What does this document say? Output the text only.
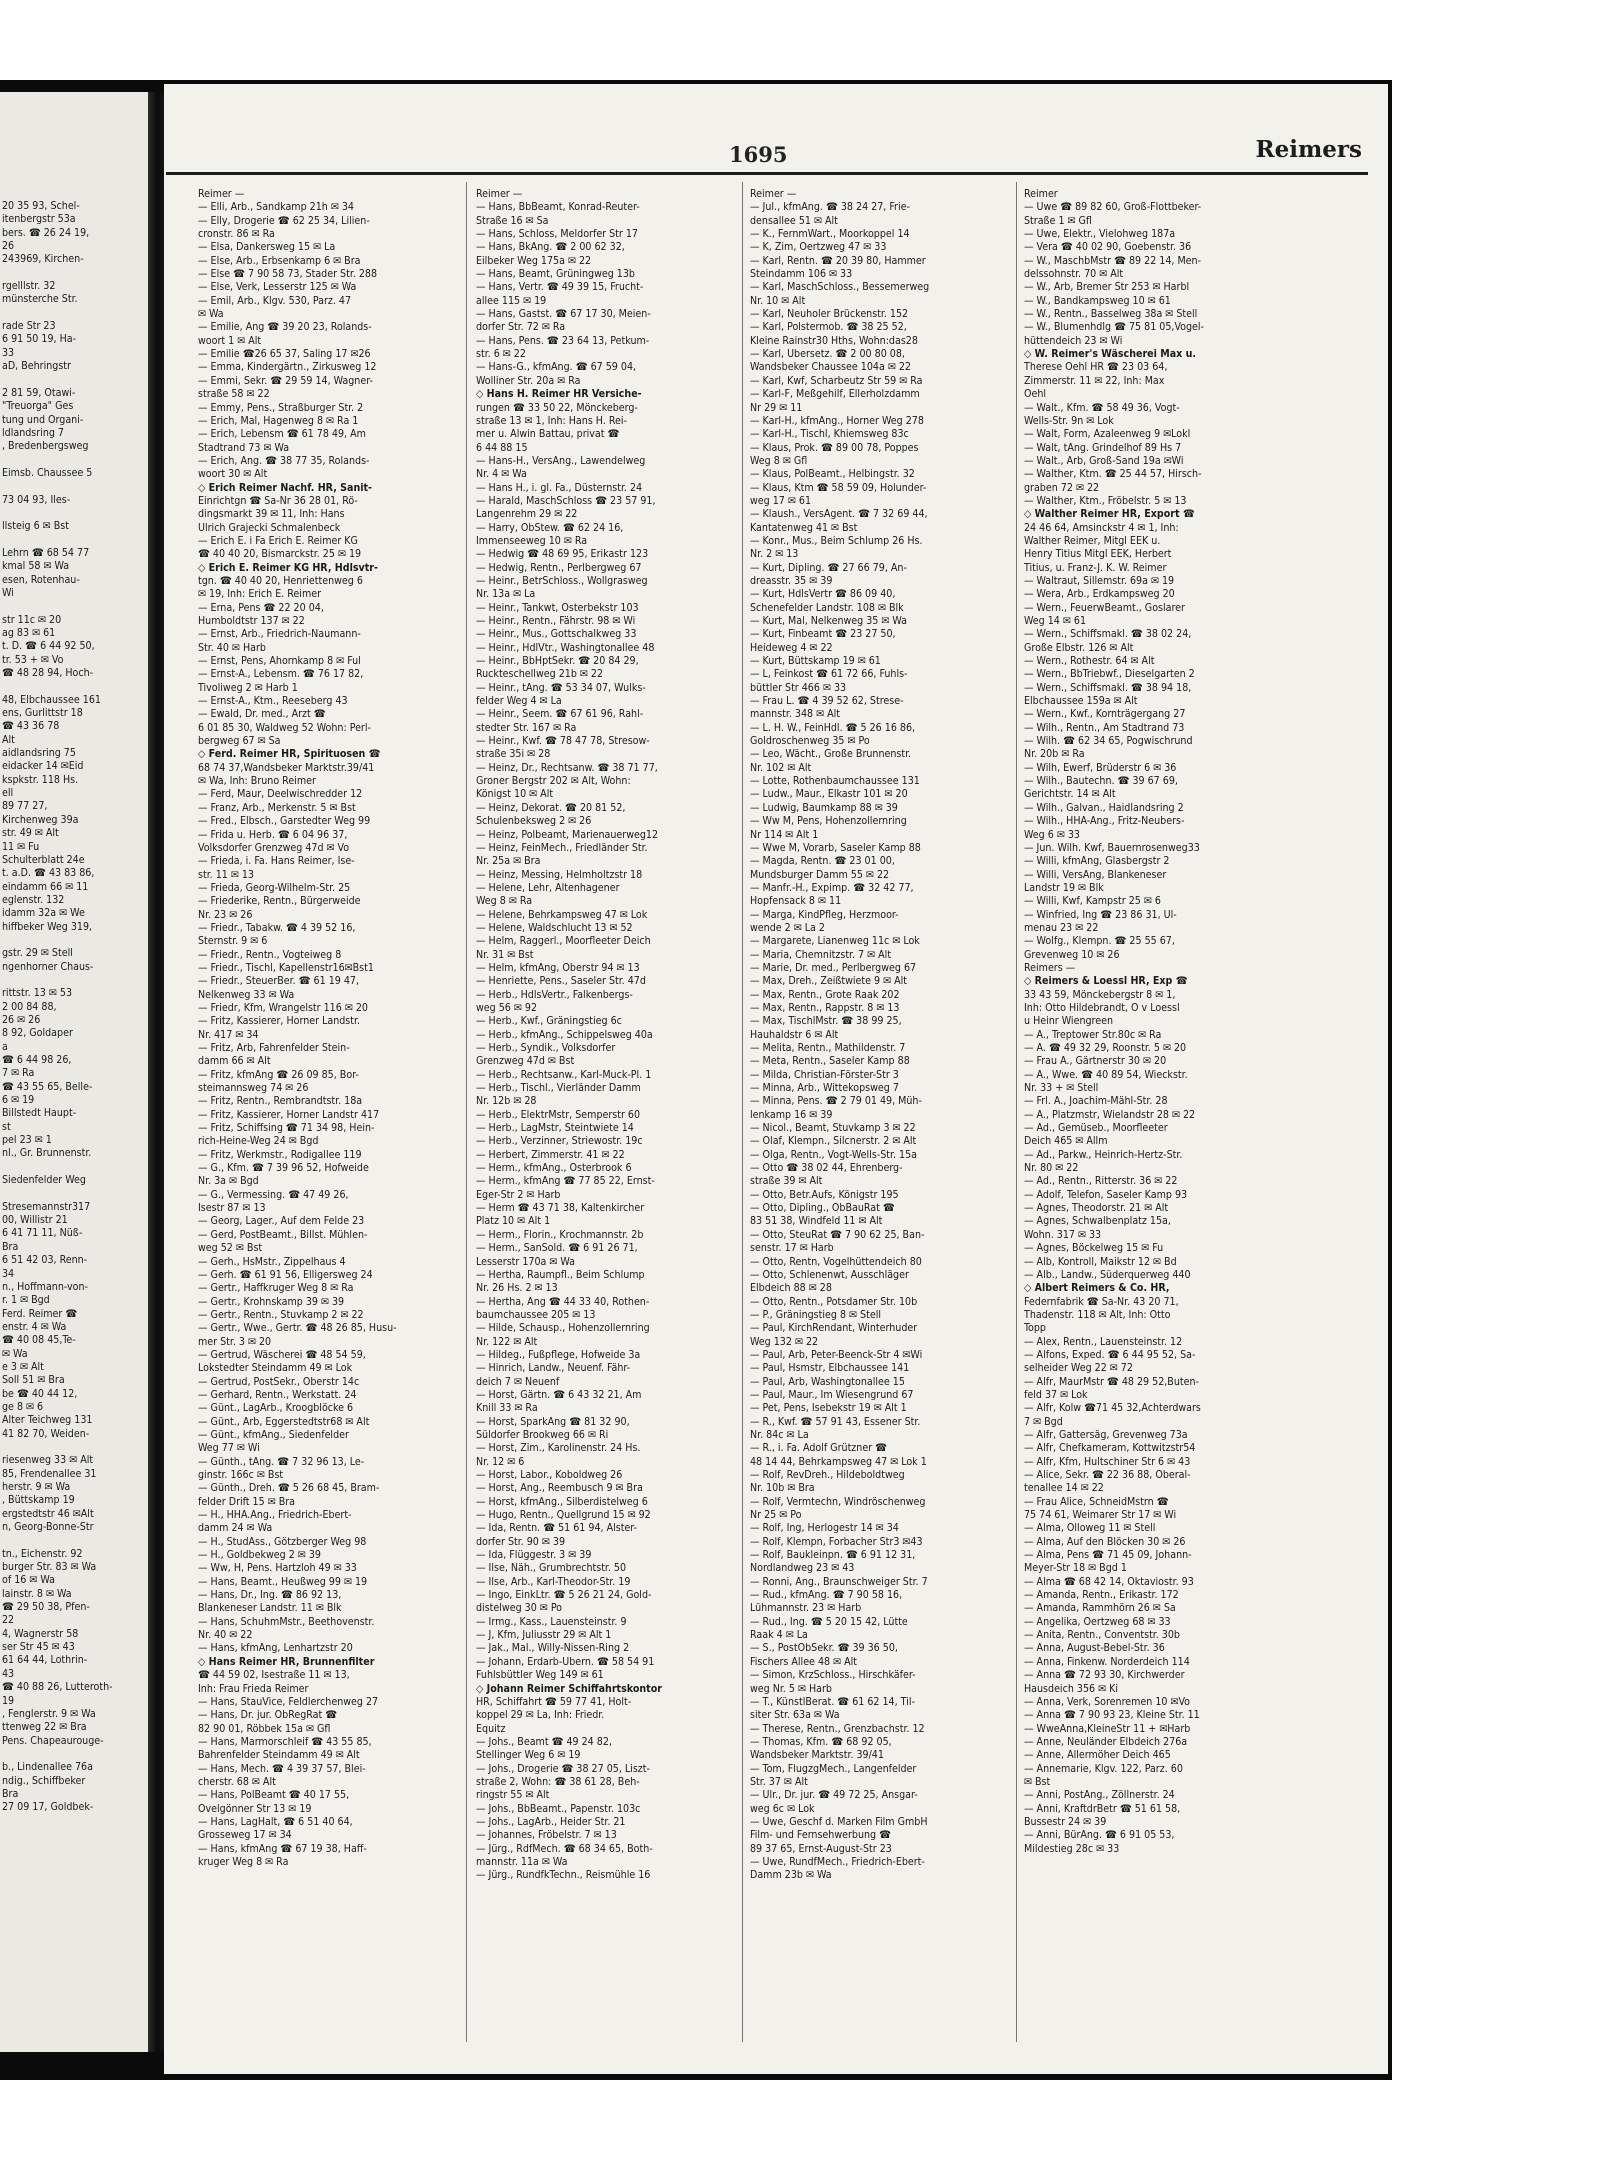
20 35 93, Schel-
itenbergstr 53a
bers. ☎ 26 24 19,
26
243969, Kirchen-

rgelllstr. 32
münsterche Str.

rade Str 23
6 91 50 19, Ha-
33
aD, Behringstr

2 81 59, Otawi-
"Treuorga" Ges
tung und Organi-
ldlandsring 7
, Bredenbergsweg

Eimsb. Chaussee 5

73 04 93, Iles-

llsteig 6 ✉ Bst

Lehrn ☎ 68 54 77
kmal 58 ✉ Wa
esen, Rotenhau-
Wi

str 11c ✉ 20
ag 83 ✉ 61
t. D. ☎ 6 44 92 50,
tr. 53 + ✉ Vo
☎ 48 28 94, Hoch-

48, Elbchaussee 161
ens, Gurlittstr 18
☎ 43 36 78
Alt
aidlandsring 75
eidacker 14 ✉Eid
kspkstr. 118 Hs.
ell
89 77 27,
Kirchenweg 39a
str. 49 ✉ Alt
11 ✉ Fu
Schulterblatt 24e
t. a.D. ☎ 43 83 86,
eindamm 66 ✉ 11
eglenstr. 132
idamm 32a ✉ We
hiffbeker Weg 319,

gstr. 29 ✉ Stell
ngenhorner Chaus-

rittstr. 13 ✉ 53
2 00 84 88,
26 ✉ 26
8 92, Goldaper
a
☎ 6 44 98 26,
7 ✉ Ra
☎ 43 55 65, Belle-
6 ✉ 19
Billstedt Haupt-
st
pel 23 ✉ 1
nl., Gr. Brunnenstr.

Siedenfelder Weg

Stresemannstr317
00, Willistr 21
6 41 71 11, Nüß-
Bra
6 51 42 03, Renn-
34
n., Hoffmann-von-
r. 1 ✉ Bgd
Ferd. Reimer ☎
enstr. 4 ✉ Wa
☎ 40 08 45,Te-
✉ Wa
e 3 ✉ Alt
Soll 51 ✉ Bra
be ☎ 40 44 12,
ge 8 ✉ 6
Alter Teichweg 131
41 82 70, Weiden-

riesenweg 33 ✉ Alt
85, Frendenallee 31
herstr. 9 ✉ Wa
, Büttskamp 19
ergstedtstr 46 ✉Alt
n, Georg-Bonne-Str

tn., Eichenstr. 92
burger Str. 83 ✉ Wa
of 16 ✉ Wa
lainstr. 8 ✉ Wa
☎ 29 50 38, Pfen-
22
4, Wagnerstr 58
ser Str 45 ✉ 43
61 64 44, Lothrin-
43
☎ 40 88 26, Lutteroth-
19
, Fenglerstr. 9 ✉ Wa
ttenweg 22 ✉ Bra
Pens. Chapeaurouge-

b., Lindenallee 76a
ndig., Schiffbeker
Bra
27 09 17, Goldbek-
1695	Reimers
Reimer —
— Elli, Arb., Sandkamp 21h ✉ 34
— Elly, Drogerie ☎ 62 25 34, Lilien-
cronstr. 86 ✉ Ra
— Elsa, Dankersweg 15 ✉ La
— Else, Arb., Erbsenkamp 6 ✉ Bra
— Else ☎ 7 90 58 73, Stader Str. 288
— Else, Verk, Lesserstr 125 ✉ Wa
— Emil, Arb., Klgv. 530, Parz. 47
✉ Wa
— Emilie, Ang ☎ 39 20 23, Rolands-
woort 1 ✉ Alt
— Emilie ☎26 65 37, Saling 17 ✉26
— Emma, Kindergärtn., Zirkusweg 12
— Emmi, Sekr. ☎ 29 59 14, Wagner-
straße 58 ✉ 22
— Emmy, Pens., Straßburger Str. 2
— Erich, Mal, Hagenweg 8 ✉ Ra 1
— Erich, Lebensm ☎ 61 78 49, Am
Stadtrand 73 ✉ Wa
— Erich, Ang. ☎ 38 77 35, Rolands-
woort 30 ✉ Alt
◇ Erich Reimer Nachf. HR, Sanit-
Einrichtgn ☎ Sa-Nr 36 28 01, Rö-
dingsmarkt 39 ✉ 11, Inh: Hans
Ulrich Grajecki Schmalenbeck
— Erich E. i Fa Erich E. Reimer KG
☎ 40 40 20, Bismarckstr. 25 ✉ 19
◇ Erich E. Reimer KG HR, Hdlsvtr-
tgn. ☎ 40 40 20, Henriettenweg 6
✉ 19, Inh: Erich E. Reimer
— Erna, Pens ☎ 22 20 04,
Humboldtstr 137 ✉ 22
— Ernst, Arb., Friedrich-Naumann-
Str. 40 ✉ Harb
— Ernst, Pens, Ahornkamp 8 ✉ Ful
— Ernst-A., Lebensm. ☎ 76 17 82,
Tivoliweg 2 ✉ Harb 1
— Ernst-A., Ktm., Reeseberg 43
— Ewald, Dr. med., Arzt ☎
6 01 85 30, Waldweg 52 Wohn: Perl-
bergweg 67 ✉ Sa
◇ Ferd. Reimer HR, Spirituosen ☎
68 74 37,Wandsbeker Marktstr.39/41
✉ Wa, Inh: Bruno Reimer
— Ferd, Maur, Deelwischredder 12
— Franz, Arb., Merkenstr. 5 ✉ Bst
— Fred., Elbsch., Garstedter Weg 99
— Frida u. Herb. ☎ 6 04 96 37,
Volksdorfer Grenzweg 47d ✉ Vo
— Frieda, i. Fa. Hans Reimer, Ise-
str. 11 ✉ 13
— Frieda, Georg-Wilhelm-Str. 25
— Friederike, Rentn., Bürgerweide
Nr. 23 ✉ 26
— Friedr., Tabakw. ☎ 4 39 52 16,
Sternstr. 9 ✉ 6
— Friedr., Rentn., Vogteiweg 8
— Friedr., Tischl, Kapellenstr16✉Bst1
— Friedr., SteuerBer. ☎ 61 19 47,
Nelkenweg 33 ✉ Wa
— Friedr, Kfm, Wrangelstr 116 ✉ 20
— Fritz, Kassierer, Horner Landstr.
Nr. 417 ✉ 34
— Fritz, Arb, Fahrenfelder Stein-
damm 66 ✉ Alt
— Fritz, kfmAng ☎ 26 09 85, Bor-
steimannsweg 74 ✉ 26
— Fritz, Rentn., Rembrandtstr. 18a
— Fritz, Kassierer, Horner Landstr 417
— Fritz, Schiffsing ☎ 71 34 98, Hein-
rich-Heine-Weg 24 ✉ Bgd
— Fritz, Werkmstr., Rodigallee 119
— G., Kfm. ☎ 7 39 96 52, Hofweide
Nr. 3a ✉ Bgd
— G., Vermessing. ☎ 47 49 26,
Isestr 87 ✉ 13
— Georg, Lager., Auf dem Felde 23
— Gerd, PostBeamt., Billst. Mühlen-
weg 52 ✉ Bst
— Gerh., HsMstr., Zippelhaus 4
— Gerh. ☎ 61 91 56, Elligersweg 24
— Gertr., Haffkruger Weg 8 ✉ Ra
— Gertr., Krohnskamp 39 ✉ 39
— Gertr., Rentn., Stuvkamp 2 ✉ 22
— Gertr., Wwe., Gertr. ☎ 48 26 85, Husu-
mer Str. 3 ✉ 20
— Gertrud, Wäscherei ☎ 48 54 59,
Lokstedter Steindamm 49 ✉ Lok
— Gertrud, PostSekr., Oberstr 14c
— Gerhard, Rentn., Werkstatt. 24
— Günt., LagArb., Kroogblöcke 6
— Günt., Arb, Eggerstedtstr68 ✉ Alt
— Günt., kfmAng., Siedenfelder
Weg 77 ✉ Wi
— Günth., tAng. ☎ 7 32 96 13, Le-
ginstr. 166c ✉ Bst
— Günth., Dreh. ☎ 5 26 68 45, Bram-
felder Drift 15 ✉ Bra
— H., HHA.Ang., Friedrich-Ebert-
damm 24 ✉ Wa
— H., StudAss., Götzberger Weg 98
— H., Goldbekweg 2 ✉ 39
— Ww, H, Pens. Hartzloh 49 ✉ 33
— Hans, Beamt., Heußweg 99 ✉ 19
— Hans, Dr., Ing. ☎ 86 92 13,
Blankeneser Landstr. 11 ✉ Blk
— Hans, SchuhmMstr., Beethovenstr.
Nr. 40 ✉ 22
— Hans, kfmAng, Lenhartzstr 20
◇ Hans Reimer HR, Brunnenfilter
☎ 44 59 02, Isestraße 11 ✉ 13,
Inh: Frau Frieda Reimer
— Hans, StauVice, Feldlerchenweg 27
— Hans, Dr. jur. ObRegRat ☎
82 90 01, Röbbek 15a ✉ Gfl
— Hans, Marmorschleif ☎ 43 55 85,
Bahrenfelder Steindamm 49 ✉ Alt
— Hans, Mech. ☎ 4 39 37 57, Blei-
cherstr. 68 ✉ Alt
— Hans, PolBeamt ☎ 40 17 55,
Ovelgönner Str 13 ✉ 19
— Hans, LagHalt, ☎ 6 51 40 64,
Grosseweg 17 ✉ 34
— Hans, kfmAng ☎ 67 19 38, Haff-
kruger Weg 8 ✉ Ra
Reimer —
— Hans, BbBeamt, Konrad-Reuter-
Straße 16 ✉ Sa
— Hans, Schloss, Meldorfer Str 17
— Hans, BkAng. ☎ 2 00 62 32,
Eilbeker Weg 175a ✉ 22
— Hans, Beamt, Grüningweg 13b
— Hans, Vertr. ☎ 49 39 15, Frucht-
allee 115 ✉ 19
— Hans, Gastst. ☎ 67 17 30, Meien-
dorfer Str. 72 ✉ Ra
— Hans, Pens. ☎ 23 64 13, Petkum-
str. 6 ✉ 22
— Hans-G., kfmAng. ☎ 67 59 04,
Wolliner Str. 20a ✉ Ra
◇ Hans H. Reimer HR Versiche-
rungen ☎ 33 50 22, Mönckeberg-
straße 13 ✉ 1, Inh: Hans H. Rei-
mer u. Alwin Battau, privat ☎
6 44 88 15
— Hans-H., VersAng., Lawendelweg
Nr. 4 ✉ Wa
— Hans H., i. gl. Fa., Düsternstr. 24
— Harald, MaschSchloss ☎ 23 57 91,
Langenrehm 29 ✉ 22
— Harry, ObStew. ☎ 62 24 16,
Immenseeweg 10 ✉ Ra
— Hedwig ☎ 48 69 95, Erikastr 123
— Hedwig, Rentn., Perlbergweg 67
— Heinr., BetrSchloss., Wollgrasweg
Nr. 13a ✉ La
— Heinr., Tankwt, Osterbekstr 103
— Heinr., Rentn., Fährstr. 98 ✉ Wi
— Heinr., Mus., Gottschalkweg 33
— Heinr., HdlVtr., Washingtonallee 48
— Heinr., BbHptSekr. ☎ 20 84 29,
Ruckteschellweg 21b ✉ 22
— Heinr., tAng. ☎ 53 34 07, Wulks-
felder Weg 4 ✉ La
— Heinr., Seem. ☎ 67 61 96, Rahl-
stedter Str. 167 ✉ Ra
— Heinr., Kwf. ☎ 78 47 78, Stresow-
straße 35i ✉ 28
— Heinz, Dr., Rechtsanw. ☎ 38 71 77,
Groner Bergstr 202 ✉ Alt, Wohn:
Königst 10 ✉ Alt
— Heinz, Dekorat. ☎ 20 81 52,
Schulenbeksweg 2 ✉ 26
— Heinz, Polbeamt, Marienauerweg12
— Heinz, FeinMech., Friedländer Str.
Nr. 25a ✉ Bra
— Heinz, Messing, Helmholtzstr 18
— Helene, Lehr, Altenhagener
Weg 8 ✉ Ra
— Helene, Behrkampsweg 47 ✉ Lok
— Helene, Waldschlucht 13 ✉ 52
— Helm, Raggerl., Moorfleeter Deich
Nr. 31 ✉ Bst
— Helm, kfmAng, Oberstr 94 ✉ 13
— Henriette, Pens., Saseler Str. 47d
— Herb., HdlsVertr., Falkenbergs-
weg 56 ✉ 92
— Herb., Kwf., Gräningstieg 6c
— Herb., kfmAng., Schippelsweg 40a
— Herb., Syndik., Volksdorfer
Grenzweg 47d ✉ Bst
— Herb., Rechtsanw., Karl-Muck-Pl. 1
— Herb., Tischl., Vierländer Damm
Nr. 12b ✉ 28
— Herb., ElektrMstr, Semperstr 60
— Herb., LagMstr, Steintwiete 14
— Herb., Verzinner, Striewostr. 19c
— Herbert, Zimmerstr. 41 ✉ 22
— Herm., kfmAng., Osterbrook 6
— Herm., kfmAng ☎ 77 85 22, Ernst-
Eger-Str 2 ✉ Harb
— Herm ☎ 43 71 38, Kaltenkircher
Platz 10 ✉ Alt 1
— Herm., Florin., Krochmannstr. 2b
— Herm., SanSold. ☎ 6 91 26 71,
Lesserstr 170a ✉ Wa
— Hertha, Raumpfl., Beim Schlump
Nr. 26 Hs. 2 ✉ 13
— Hertha, Ang ☎ 44 33 40, Rothen-
baumchaussee 205 ✉ 13
— Hilde, Schausp., Hohenzollernring
Nr. 122 ✉ Alt
— Hildeg., Fußpflege, Hofweide 3a
— Hinrich, Landw., Neuenf. Fähr-
deich 7 ✉ Neuenf
— Horst, Gärtn. ☎ 6 43 32 21, Am
Knill 33 ✉ Ra
— Horst, SparkAng ☎ 81 32 90,
Süldorfer Brookweg 66 ✉ Ri
— Horst, Zim., Karolinenstr. 24 Hs.
Nr. 12 ✉ 6
— Horst, Labor., Koboldweg 26
— Horst, Ang., Reembusch 9 ✉ Bra
— Horst, kfmAng., Silberdistelweg 6
— Hugo, Rentn., Quellgrund 15 ✉ 92
— Ida, Rentn. ☎ 51 61 94, Alster-
dorfer Str. 90 ✉ 39
— Ida, Flüggestr. 3 ✉ 39
— Ilse, Näh., Grumbrechtstr. 50
— Ilse, Arb., Karl-Theodor-Str. 19
— Ingo, EinkLtr. ☎ 5 26 21 24, Gold-
distelweg 30 ✉ Po
— Irmg., Kass., Lauensteinstr. 9
— J, Kfm, Juliusstr 29 ✉ Alt 1
— Jak., Mal., Willy-Nissen-Ring 2
— Johann, Erdarb-Ubern. ☎ 58 54 91
Fuhlsbüttler Weg 149 ✉ 61
◇ Johann Reimer Schiffahrtskontor
HR, Schiffahrt ☎ 59 77 41, Holt-
koppel 29 ✉ La, Inh: Friedr.
Equitz
— Johs., Beamt ☎ 49 24 82,
Stellinger Weg 6 ✉ 19
— Johs., Drogerie ☎ 38 27 05, Liszt-
straße 2, Wohn: ☎ 38 61 28, Beh-
ringstr 55 ✉ Alt
— Johs., BbBeamt., Papenstr. 103c
— Johs., LagArb., Heider Str. 21
— Johannes, Fröbelstr. 7 ✉ 13
— Jürg., RdfMech. ☎ 68 34 65, Both-
mannstr. 11a ✉ Wa
— Jürg., RundfkTechn., Reismühle 16
Reimer —
— Jul., kfmAng. ☎ 38 24 27, Frie-
densallee 51 ✉ Alt
— K., FernmWart., Moorkoppel 14
— K, Zim, Oertzweg 47 ✉ 33
— Karl, Rentn. ☎ 20 39 80, Hammer
Steindamm 106 ✉ 33
— Karl, MaschSchloss., Bessemerweg
Nr. 10 ✉ Alt
— Karl, Neuholer Brückenstr. 152
— Karl, Polstermob. ☎ 38 25 52,
Kleine Rainstr30 Hths, Wohn:das28
— Karl, Ubersetz. ☎ 2 00 80 08,
Wandsbeker Chaussee 104a ✉ 22
— Karl, Kwf, Scharbeutz Str 59 ✉ Ra
— Karl-F, Meßgehilf, Ellerholzdamm
Nr 29 ✉ 11
— Karl-H., kfmAng., Horner Weg 278
— Karl-H., Tischl, Khiemsweg 83c
— Klaus, Prok. ☎ 89 00 78, Poppes
Weg 8 ✉ Gfl
— Klaus, PolBeamt., Helbingstr. 32
— Klaus, Ktm ☎ 58 59 09, Holunder-
weg 17 ✉ 61
— Klaush., VersAgent. ☎ 7 32 69 44,
Kantatenweg 41 ✉ Bst
— Konr., Mus., Beim Schlump 26 Hs.
Nr. 2 ✉ 13
— Kurt, Dipling. ☎ 27 66 79, An-
dreasstr. 35 ✉ 39
— Kurt, HdlsVertr ☎ 86 09 40,
Schenefelder Landstr. 108 ✉ Blk
— Kurt, Mal, Nelkenweg 35 ✉ Wa
— Kurt, Finbeamt ☎ 23 27 50,
Heideweg 4 ✉ 22
— Kurt, Büttskamp 19 ✉ 61
— L, Feinkost ☎ 61 72 66, Fuhls-
büttler Str 466 ✉ 33
— Frau L. ☎ 4 39 52 62, Strese-
mannstr. 348 ✉ Alt
— L. H. W., FeinHdl. ☎ 5 26 16 86,
Goldroschenweg 35 ✉ Po
— Leo, Wächt., Große Brunnenstr.
Nr. 102 ✉ Alt
— Lotte, Rothenbaumchaussee 131
— Ludw., Maur., Elkastr 101 ✉ 20
— Ludwig, Baumkamp 88 ✉ 39
— Ww M, Pens, Hohenzollernring
Nr 114 ✉ Alt 1
— Wwe M, Vorarb, Saseler Kamp 88
— Magda, Rentn. ☎ 23 01 00,
Mundsburger Damm 55 ✉ 22
— Manfr.-H., Expimp. ☎ 32 42 77,
Hopfensack 8 ✉ 11
— Marga, KindPfleg, Herzmoor-
wende 2 ✉ La 2
— Margarete, Lianenweg 11c ✉ Lok
— Maria, Chemnitzstr. 7 ✉ Alt
— Marie, Dr. med., Perlbergweg 67
— Max, Dreh., Zeißtwiete 9 ✉ Alt
— Max, Rentn., Grote Raak 202
— Max, Rentn., Rappstr. 8 ✉ 13
— Max, TischlMstr. ☎ 38 99 25,
Hauhaldstr 6 ✉ Alt
— Melita, Rentn., Mathildenstr. 7
— Meta, Rentn., Saseler Kamp 88
— Milda, Christian-Förster-Str 3
— Minna, Arb., Wittekopsweg 7
— Minna, Pens. ☎ 2 79 01 49, Müh-
lenkamp 16 ✉ 39
— Nicol., Beamt, Stuvkamp 3 ✉ 22
— Olaf, Klempn., Silcnerstr. 2 ✉ Alt
— Olga, Rentn., Vogt-Wells-Str. 15a
— Otto ☎ 38 02 44, Ehrenberg-
straße 39 ✉ Alt
— Otto, Betr.Aufs, Königstr 195
— Otto, Dipling., ObBauRat ☎
83 51 38, Windfeld 11 ✉ Alt
— Otto, SteuRat ☎ 7 90 62 25, Ban-
senstr. 17 ✉ Harb
— Otto, Rentn, Vogelhüttendeich 80
— Otto, Schlenenwt, Ausschläger
Elbdeich 88 ✉ 28
— Otto, Rentn., Potsdamer Str. 10b
— P., Gräningstieg 8 ✉ Stell
— Paul, KirchRendant, Winterhuder
Weg 132 ✉ 22
— Paul, Arb, Peter-Beenck-Str 4 ✉Wi
— Paul, Hsmstr, Elbchaussee 141
— Paul, Arb, Washingtonallee 15
— Paul, Maur., Im Wiesengrund 67
— Pet, Pens, Isebekstr 19 ✉ Alt 1
— R., Kwf. ☎ 57 91 43, Essener Str.
Nr. 84c ✉ La
— R., i. Fa. Adolf Grützner ☎
48 14 44, Behrkampsweg 47 ✉ Lok 1
— Rolf, RevDreh., Hildeboldtweg
Nr. 10b ✉ Bra
— Rolf, Vermtechn, Windröschenweg
Nr 25 ✉ Po
— Rolf, Ing, Herlogestr 14 ✉ 34
— Rolf, Klempn, Forbacher Str3 ✉43
— Rolf, Baukleinpn. ☎ 6 91 12 31,
Nordlandweg 23 ✉ 43
— Ronni, Ang., Braunschweiger Str. 7
— Rud., kfmAng. ☎ 7 90 58 16,
Lühmannstr. 23 ✉ Harb
— Rud., Ing. ☎ 5 20 15 42, Lütte
Raak 4 ✉ La
— S., PostObSekr. ☎ 39 36 50,
Fischers Allee 48 ✉ Alt
— Simon, KrzSchloss., Hirschkäfer-
weg Nr. 5 ✉ Harb
— T., KünstlBerat. ☎ 61 62 14, Til-
siter Str. 63a ✉ Wa
— Therese, Rentn., Grenzbachstr. 12
— Thomas, Kfm. ☎ 68 92 05,
Wandsbeker Marktstr. 39/41
— Tom, FlugzgMech., Langenfelder
Str. 37 ✉ Alt
— Ulr., Dr. jur. ☎ 49 72 25, Ansgar-
weg 6c ✉ Lok
— Uwe, Geschf d. Marken Film GmbH
Film- und Fernsehwerbung ☎
89 37 65, Ernst-August-Str 23
— Uwe, RundfMech., Friedrich-Ebert-
Damm 23b ✉ Wa
Reimer
— Uwe ☎ 89 82 60, Groß-Flottbeker-
Straße 1 ✉ Gfl
— Uwe, Elektr., Vielohweg 187a
— Vera ☎ 40 02 90, Goebenstr. 36
— W., MaschbMstr ☎ 89 22 14, Men-
delssohnstr. 70 ✉ Alt
— W., Arb, Bremer Str 253 ✉ Harbl
— W., Bandkampsweg 10 ✉ 61
— W., Rentn., Basselweg 38a ✉ Stell
— W., Blumenhdlg ☎ 75 81 05,Vogel-
hüttendeich 23 ✉ Wi
◇ W. Reimer's Wäscherei Max u.
Therese Oehl HR ☎ 23 03 64,
Zimmerstr. 11 ✉ 22, Inh: Max
Oehl
— Walt., Kfm. ☎ 58 49 36, Vogt-
Wells-Str. 9n ✉ Lok
— Walt, Form, Azaleenweg 9 ✉Lokl
— Walt, tAng. Grindelhof 89 Hs 7
— Walt., Arb, Groß-Sand 19a ✉Wi
— Walther, Ktm. ☎ 25 44 57, Hirsch-
graben 72 ✉ 22
— Walther, Ktm., Fröbelstr. 5 ✉ 13
◇ Walther Reimer HR, Export ☎
24 46 64, Amsinckstr 4 ✉ 1, Inh:
Walther Reimer, Mitgl EEK u.
Henry Titius Mitgl EEK, Herbert
Titius, u. Franz-J. K. W. Reimer
— Waltraut, Sillemstr. 69a ✉ 19
— Wera, Arb., Erdkampsweg 20
— Wern., FeuerwBeamt., Goslarer
Weg 14 ✉ 61
— Wern., Schiffsmakl. ☎ 38 02 24,
Große Elbstr. 126 ✉ Alt
— Wern., Rothestr. 64 ✉ Alt
— Wern., BbTriebwf., Dieselgarten 2
— Wern., Schiffsmakl. ☎ 38 94 18,
Elbchaussee 159a ✉ Alt
— Wern., Kwf., Kornträgergang 27
— Wilh., Rentn., Am Stadtrand 73
— Wilh. ☎ 62 34 65, Pogwischrund
Nr. 20b ✉ Ra
— Wilh, Ewerf, Brüderstr 6 ✉ 36
— Wilh., Bautechn. ☎ 39 67 69,
Gerichtstr. 14 ✉ Alt
— Wilh., Galvan., Haidlandsring 2
— Wilh., HHA-Ang., Fritz-Neubers-
Weg 6 ✉ 33
— Jun. Wilh. Kwf, Bauernrosenweg33
— Willi, kfmAng, Glasbergstr 2
— Willi, VersAng, Blankeneser
Landstr 19 ✉ Blk
— Willi, Kwf, Kampstr 25 ✉ 6
— Winfried, Ing ☎ 23 86 31, Ul-
menau 23 ✉ 22
— Wolfg., Klempn. ☎ 25 55 67,
Grevenweg 10 ✉ 26
Reimers —
◇ Reimers & Loessl HR, Exp ☎
33 43 59, Mönckebergstr 8 ✉ 1,
Inh: Otto Hildebrandt, O v Loessl
u Heinr Wiengreen
— A., Treptower Str.80c ✉ Ra
— A. ☎ 49 32 29, Roonstr. 5 ✉ 20
— Frau A., Gärtnerstr 30 ✉ 20
— A., Wwe. ☎ 40 89 54, Wieckstr.
Nr. 33 + ✉ Stell
— Frl. A., Joachim-Mähl-Str. 28
— A., Platzmstr, Wielandstr 28 ✉ 22
— Ad., Gemüseb., Moorfleeter
Deich 465 ✉ Allm
— Ad., Parkw., Heinrich-Hertz-Str.
Nr. 80 ✉ 22
— Ad., Rentn., Ritterstr. 36 ✉ 22
— Adolf, Telefon, Saseler Kamp 93
— Agnes, Theodorstr. 21 ✉ Alt
— Agnes, Schwalbenplatz 15a,
Wohn. 317 ✉ 33
— Agnes, Böckelweg 15 ✉ Fu
— Alb, Kontroll, Maikstr 12 ✉ Bd
— Alb., Landw., Süderquerweg 440
◇ Albert Reimers & Co. HR,
Federnfabrik ☎ Sa-Nr. 43 20 71,
Thadenstr. 118 ✉ Alt, Inh: Otto
Topp
— Alex, Rentn., Lauensteinstr. 12
— Alfons, Exped. ☎ 6 44 95 52, Sa-
selheider Weg 22 ✉ 72
— Alfr, MaurMstr ☎ 48 29 52,Buten-
feld 37 ✉ Lok
— Alfr, Kolw ☎71 45 32,Achterdwars
7 ✉ Bgd
— Alfr, Gattersäg, Grevenweg 73a
— Alfr, Chefkameram, Kottwitzstr54
— Alfr, Kfm, Hultschiner Str 6 ✉ 43
— Alice, Sekr. ☎ 22 36 88, Oberal-
tenallee 14 ✉ 22
— Frau Alice, SchneidMstrn ☎
75 74 61, Weimarer Str 17 ✉ Wi
— Alma, Olloweg 11 ✉ Stell
— Alma, Auf den Blöcken 30 ✉ 26
— Alma, Pens ☎ 71 45 09, Johann-
Meyer-Str 18 ✉ Bgd 1
— Alma ☎ 68 42 14, Oktaviostr. 93
— Amanda, Rentn., Erikastr. 172
— Amanda, Rammhörn 26 ✉ Sa
— Angelika, Oertzweg 68 ✉ 33
— Anita, Rentn., Conventstr. 30b
— Anna, August-Bebel-Str. 36
— Anna, Finkenw. Norderdeich 114
— Anna ☎ 72 93 30, Kirchwerder
Hausdeich 356 ✉ Ki
— Anna, Verk, Sorenremen 10 ✉Vo
— Anna ☎ 7 90 93 23, Kleine Str. 11
— WweAnna,KleineStr 11 + ✉Harb
— Anne, Neuländer Elbdeich 276a
— Anne, Allermöher Deich 465
— Annemarie, Klgv. 122, Parz. 60
✉ Bst
— Anni, PostAng., Zöllnerstr. 24
— Anni, KraftdrBetr ☎ 51 61 58,
Bussestr 24 ✉ 39
— Anni, BürAng. ☎ 6 91 05 53,
Mildestieg 28c ✉ 33
